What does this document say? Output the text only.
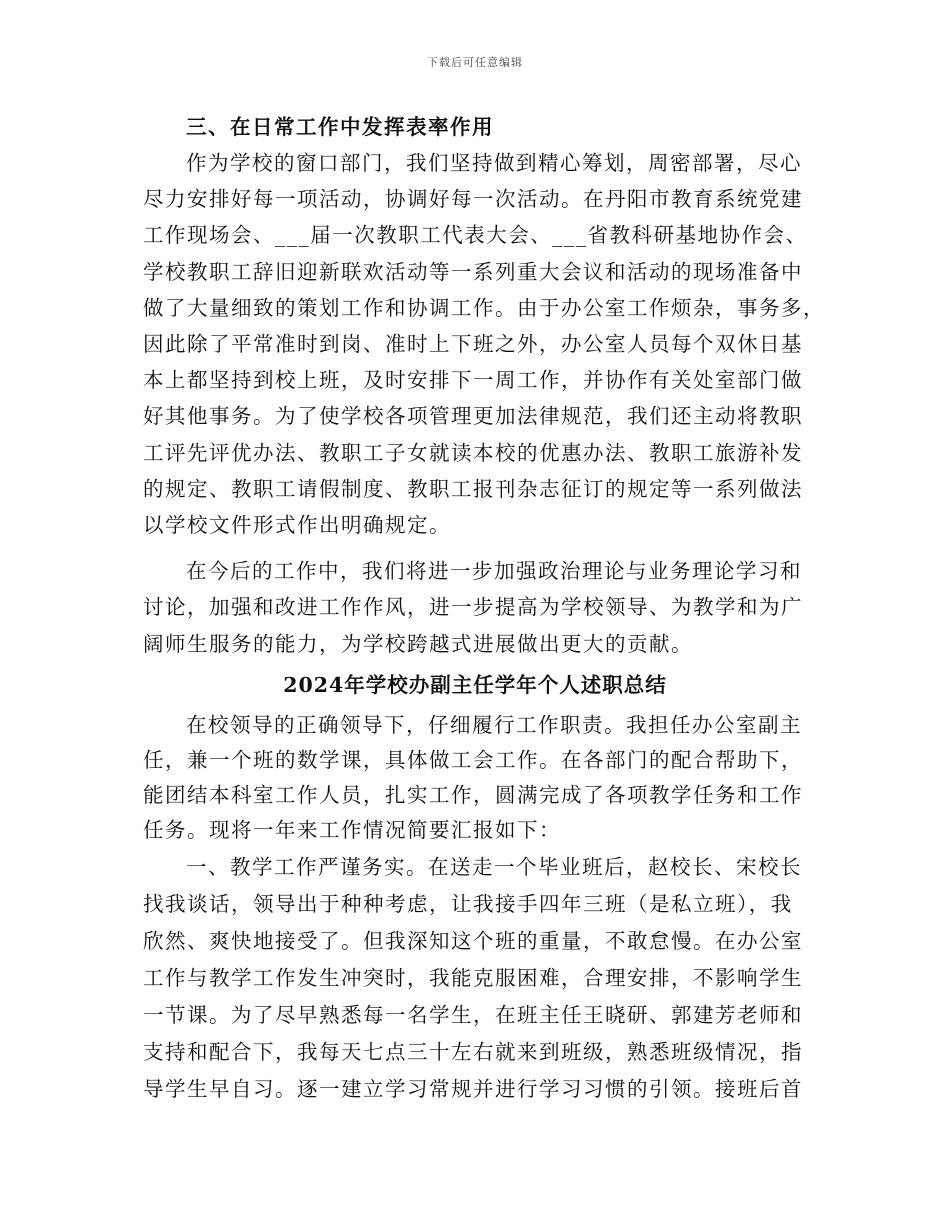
下载后可任意编辑
三、在日常工作中发挥表率作用
作为学校的窗口部门，我们坚持做到精心筹划，周密部署，尽心
尽力安排好每一项活动，协调好每一次活动。在丹阳市教育系统党建
工作现场会、___届一次教职工代表大会、___省教科研基地协作会、
学校教职工辞旧迎新联欢活动等一系列重大会议和活动的现场准备中
做了大量细致的策划工作和协调工作。由于办公室工作烦杂，事务多，
因此除了平常准时到岗、准时上下班之外，办公室人员每个双休日基
本上都坚持到校上班，及时安排下一周工作，并协作有关处室部门做
好其他事务。为了使学校各项管理更加法律规范，我们还主动将教职
工评先评优办法、教职工子女就读本校的优惠办法、教职工旅游补发
的规定、教职工请假制度、教职工报刊杂志征订的规定等一系列做法
以学校文件形式作出明确规定。
在今后的工作中，我们将进一步加强政治理论与业务理论学习和
讨论，加强和改进工作作风，进一步提高为学校领导、为教学和为广
阔师生服务的能力，为学校跨越式进展做出更大的贡献。
2024年学校办副主任学年个人述职总结
在校领导的正确领导下，仔细履行工作职责。我担任办公室副主
任，兼一个班的数学课，具体做工会工作。在各部门的配合帮助下，
能团结本科室工作人员，扎实工作，圆满完成了各项教学任务和工作
任务。现将一年来工作情况简要汇报如下：
一、教学工作严谨务实。在送走一个毕业班后，赵校长、宋校长
找我谈话，领导出于种种考虑，让我接手四年三班（是私立班），我
欣然、爽快地接受了。但我深知这个班的重量，不敢怠慢。在办公室
工作与教学工作发生冲突时，我能克服困难，合理安排，不影响学生
一节课。为了尽早熟悉每一名学生，在班主任王晓研、郭建芳老师和
支持和配合下，我每天七点三十左右就来到班级，熟悉班级情况，指
导学生早自习。逐一建立学习常规并进行学习习惯的引领。接班后首
